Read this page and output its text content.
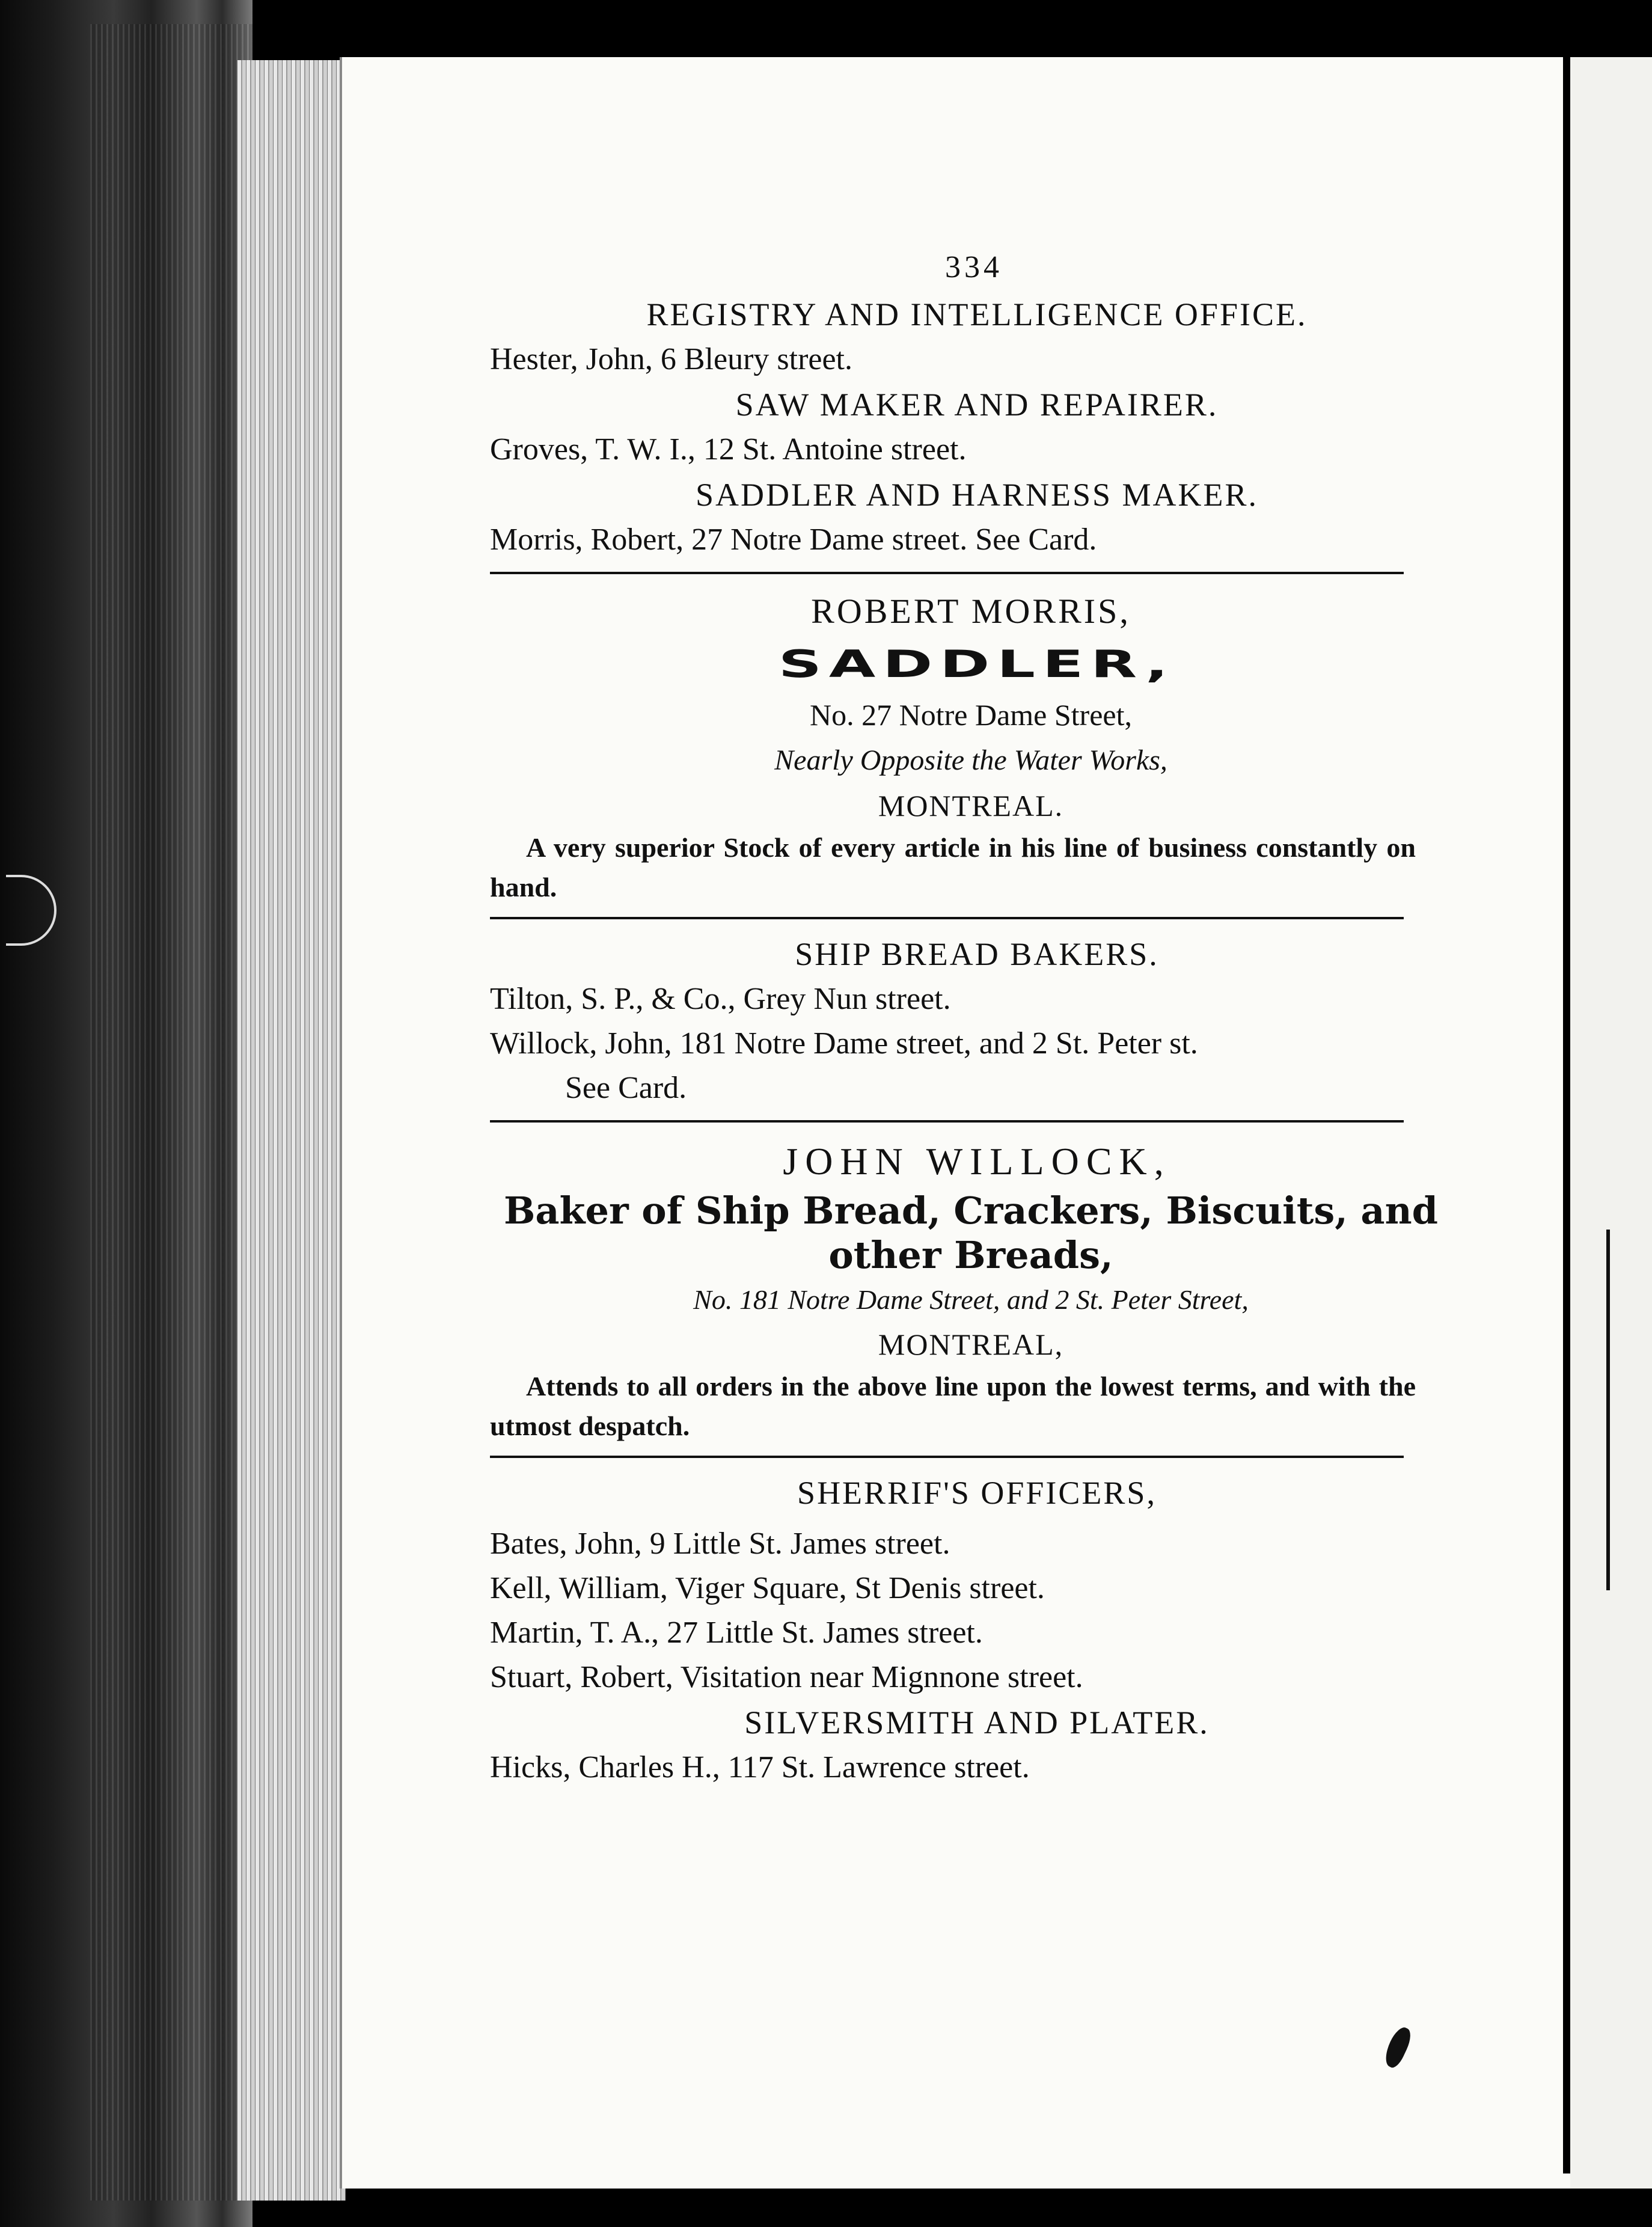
334
REGISTRY AND INTELLIGENCE OFFICE.
Hester, John, 6 Bleury street.
SAW MAKER AND REPAIRER.
Groves, T. W. I., 12 St. Antoine street.
SADDLER AND HARNESS MAKER.
Morris, Robert, 27 Notre Dame street. See Card.
ROBERT MORRIS,
SADDLER,
No. 27 Notre Dame Street,
Nearly Opposite the Water Works,
MONTREAL.
A very superior Stock of every article in his line of business constantly on hand.
SHIP BREAD BAKERS.
Tilton, S. P., & Co., Grey Nun street.
Willock, John, 181 Notre Dame street, and 2 St. Peter st.
See Card.
JOHN WILLOCK,
Baker of Ship Bread, Crackers, Biscuits, and other Breads,
No. 181 Notre Dame Street, and 2 St. Peter Street,
MONTREAL,
Attends to all orders in the above line upon the lowest terms, and with the utmost despatch.
SHERRIF'S OFFICERS,
Bates, John, 9 Little St. James street.
Kell, William, Viger Square, St Denis street.
Martin, T. A., 27 Little St. James street.
Stuart, Robert, Visitation near Mignnone street.
SILVERSMITH AND PLATER.
Hicks, Charles H., 117 St. Lawrence street.
